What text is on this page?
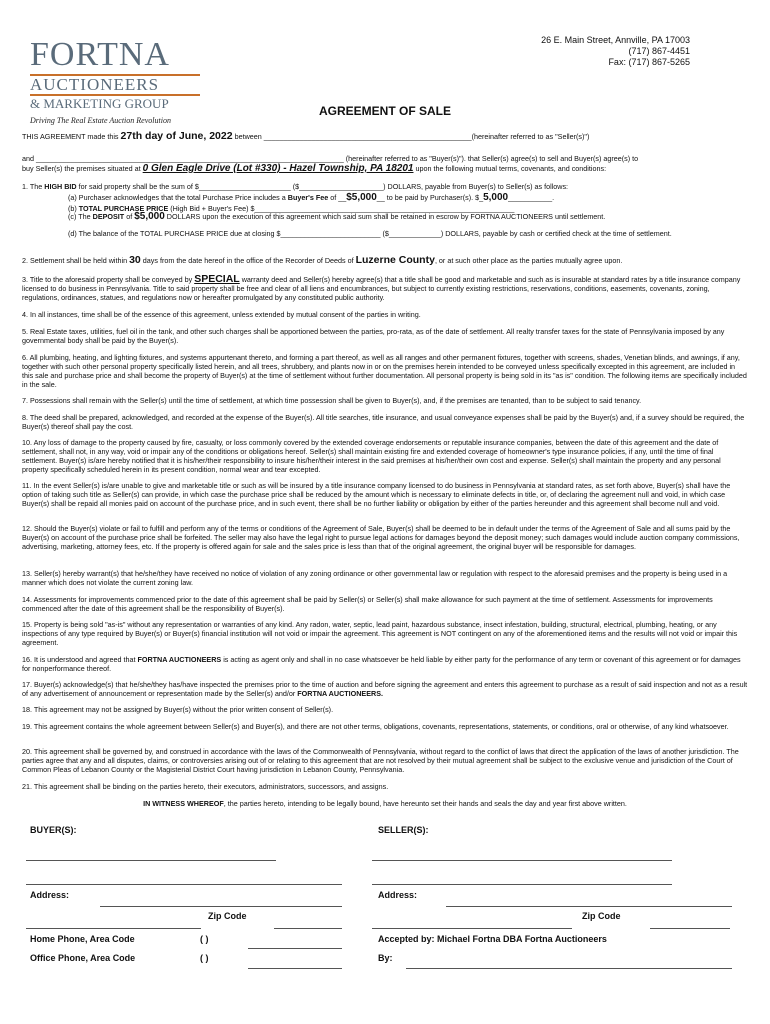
FORTNA
AUCTIONEERS
& MARKETING GROUP
Driving The Real Estate Auction Revolution
26 E. Main Street, Annville, PA 17003
(717) 867-4451
Fax: (717) 867-5265
AGREEMENT OF SALE
THIS AGREEMENT made this 27th day of June, 2022 between ____________________________________________________(hereinafter referred to as "Seller(s)")
and _____________________________________________________________________________ (hereinafter referred to as "Buyer(s)"). that Seller(s) agree(s) to sell and Buyer(s) agree(s) to
buy Seller(s) the premises situated at 0 Glen Eagle Drive (Lot #330) - Hazel Township, PA 18201 upon the following mutual terms, covenants, and conditions:
1. The HIGH BID for said property shall be the sum of $_______________________ ($_____________________) DOLLARS, payable from Buyer(s) to Seller(s) as follows:
(a) Purchaser acknowledges that the total Purchase Price includes a Buyer's Fee of __$5,000__ to be paid by Purchaser(s). $_5,000___________.
(b) TOTAL PURCHASE PRICE (High Bid + Buyer's Fee) $_________________________________________________________________
(c) The DEPOSIT of $5,000 DOLLARS upon the execution of this agreement which said sum shall be retained in escrow by FORTNA AUCTIONEERS until settlement.
(d) The balance of the TOTAL PURCHASE PRICE due at closing $_________________________ ($_____________) DOLLARS, payable by cash or certified check at the time of settlement.
2. Settlement shall be held within 30 days from the date hereof in the office of the Recorder of Deeds of Luzerne County, or at such other place as the parties mutually agree upon.
3. Title to the aforesaid property shall be conveyed by SPECIAL warranty deed and Seller(s) hereby agree(s) that a title shall be good and marketable and such as is insurable at standard rates by a title insurance company licensed to do business in Pennsylvania. Title to said property shall be free and clear of all liens and encumbrances, but subject to currently existing restrictions, reservations, conditions, easements, covenants, zoning, regulations, ordinances, statues, and regulations now or hereafter promulgated by any constituted public authority.
4. In all instances, time shall be of the essence of this agreement, unless extended by mutual consent of the parties in writing.
5. Real Estate taxes, utilities, fuel oil in the tank, and other such charges shall be apportioned between the parties, pro-rata, as of the date of settlement. All realty transfer taxes for the state of Pennsylvania imposed by any governmental body shall be paid by the Buyer(s).
6. All plumbing, heating, and lighting fixtures, and systems appurtenant thereto, and forming a part thereof, as well as all ranges and other permanent fixtures, together with screens, shades, Venetian blinds, and awnings, if any, together with such other personal property specifically listed herein, and all trees, shrubbery, and plants now in or on the premises herein intended to be conveyed unless specifically excepted in this agreement, are included in this sale and purchase price and shall become the property of Buyer(s) at the time of settlement without further documentation. All personal property is being sold in its "as is" condition. The following items are specifically included in the sale.
7. Possessions shall remain with the Seller(s) until the time of settlement, at which time possession shall be given to Buyer(s), and, if the premises are tenanted, than to be subject to said tenancy.
8. The deed shall be prepared, acknowledged, and recorded at the expense of the Buyer(s). All title searches, title insurance, and usual conveyance expenses shall be paid by the Buyer(s) and, if a survey should be required, the Buyer(s) thereof shall pay the cost.
10. Any loss of damage to the property caused by fire, casualty, or loss commonly covered by the extended coverage endorsements or reputable insurance companies, between the date of this agreement and the date of settlement, shall not, in any way, void or impair any of the conditions or obligations hereof. Seller(s) shall maintain existing fire and extended coverage of homeowner's type insurance policies, if any, until the time of final settlement. Buyer(s) is/are hereby notified that it is his/her/their responsibility to insure his/her/their interest in the said premises at his/her/their own cost and expense. Seller(s) shall maintain the property and any personal property specifically scheduled herein in its present condition, normal wear and tear excepted.
11. In the event Seller(s) is/are unable to give and marketable title or such as will be insured by a title insurance company licensed to do business in Pennsylvania at standard rates, as set forth above, Buyer(s) shall have the option of taking such title as Seller(s) can provide, in which case the purchase price shall be reduced by the amount which is necessary to eliminate defects in title, or, of declaring the agreement null and void, in which case Buyer(s) shall be repaid all monies paid on account of the purchase price, and in such event, there shall be no further liability or obligation by either of the parties hereunder and this agreement shall become null and void.
12. Should the Buyer(s) violate or fail to fulfill and perform any of the terms or conditions of the Agreement of Sale, Buyer(s) shall be deemed to be in default under the terms of the Agreement of Sale and all sums paid by the Buyer(s) on account of the purchase price shall be forfeited. The seller may also have the legal right to pursue legal actions for damages beyond the deposit money; such damages would include auction company commissions, advertising, marketing, attorney fees, etc. If the property is offered again for sale and the sales price is less than that of the original agreement, the original buyer will be responsible for damages.
13. Seller(s) hereby warrant(s) that he/she/they have received no notice of violation of any zoning ordinance or other governmental law or regulation with respect to the aforesaid premises and the property is being used in a manner which does not violate the current zoning law.
14. Assessments for improvements commenced prior to the date of this agreement shall be paid by Seller(s) or Seller(s) shall make allowance for such payment at the time of settlement. Assessments for improvements commenced after the date of this agreement shall be the responsibility of Buyer(s).
15. Property is being sold "as-is" without any representation or warranties of any kind. Any radon, water, septic, lead paint, hazardous substance, insect infestation, building, structural, electrical, plumbing, heating, or any inspections of any type required by Buyer(s) or Buyer(s) financial institution will not void or impair the agreement. This agreement is NOT contingent on any of the aforementioned items and the results will not void or impair this agreement.
16. It is understood and agreed that FORTNA AUCTIONEERS is acting as agent only and shall in no case whatsoever be held liable by either party for the performance of any term or covenant of this agreement or for damages for nonperformance thereof.
17. Buyer(s) acknowledge(s) that he/she/they has/have inspected the premises prior to the time of auction and before signing the agreement and enters this agreement to purchase as a result of said inspection and not as a result of any advertisement of announcement or representation made by the Seller(s) and/or FORTNA AUCTIONEERS.
18. This agreement may not be assigned by Buyer(s) without the prior written consent of Seller(s).
19. This agreement contains the whole agreement between Seller(s) and Buyer(s), and there are not other terms, obligations, covenants, representations, statements, or conditions, oral or otherwise, of any kind whatsoever.
20. This agreement shall be governed by, and construed in accordance with the laws of the Commonwealth of Pennsylvania, without regard to the conflict of laws that direct the application of the laws of another jurisdiction. The parties agree that any and all disputes, claims, or controversies arising out of or relating to this agreement that are not resolved by their mutual agreement shall be subject to the exclusive venue and jurisdiction of the Court of Common Pleas of Lebanon County or the Magisterial District Court having jurisdiction in Lebanon County, Pennsylvania.
21. This agreement shall be binding on the parties hereto, their executors, administrators, successors, and assigns.
IN WITNESS WHEREOF, the parties hereto, intending to be legally bound, have hereunto set their hands and seals the day and year first above written.
BUYER(S):	SELLER(S):
Address:	Address:
Zip Code	Zip Code
Home Phone, Area Code	( )	Accepted by: Michael Fortna DBA Fortna Auctioneers
Office Phone, Area Code	( )	By:
